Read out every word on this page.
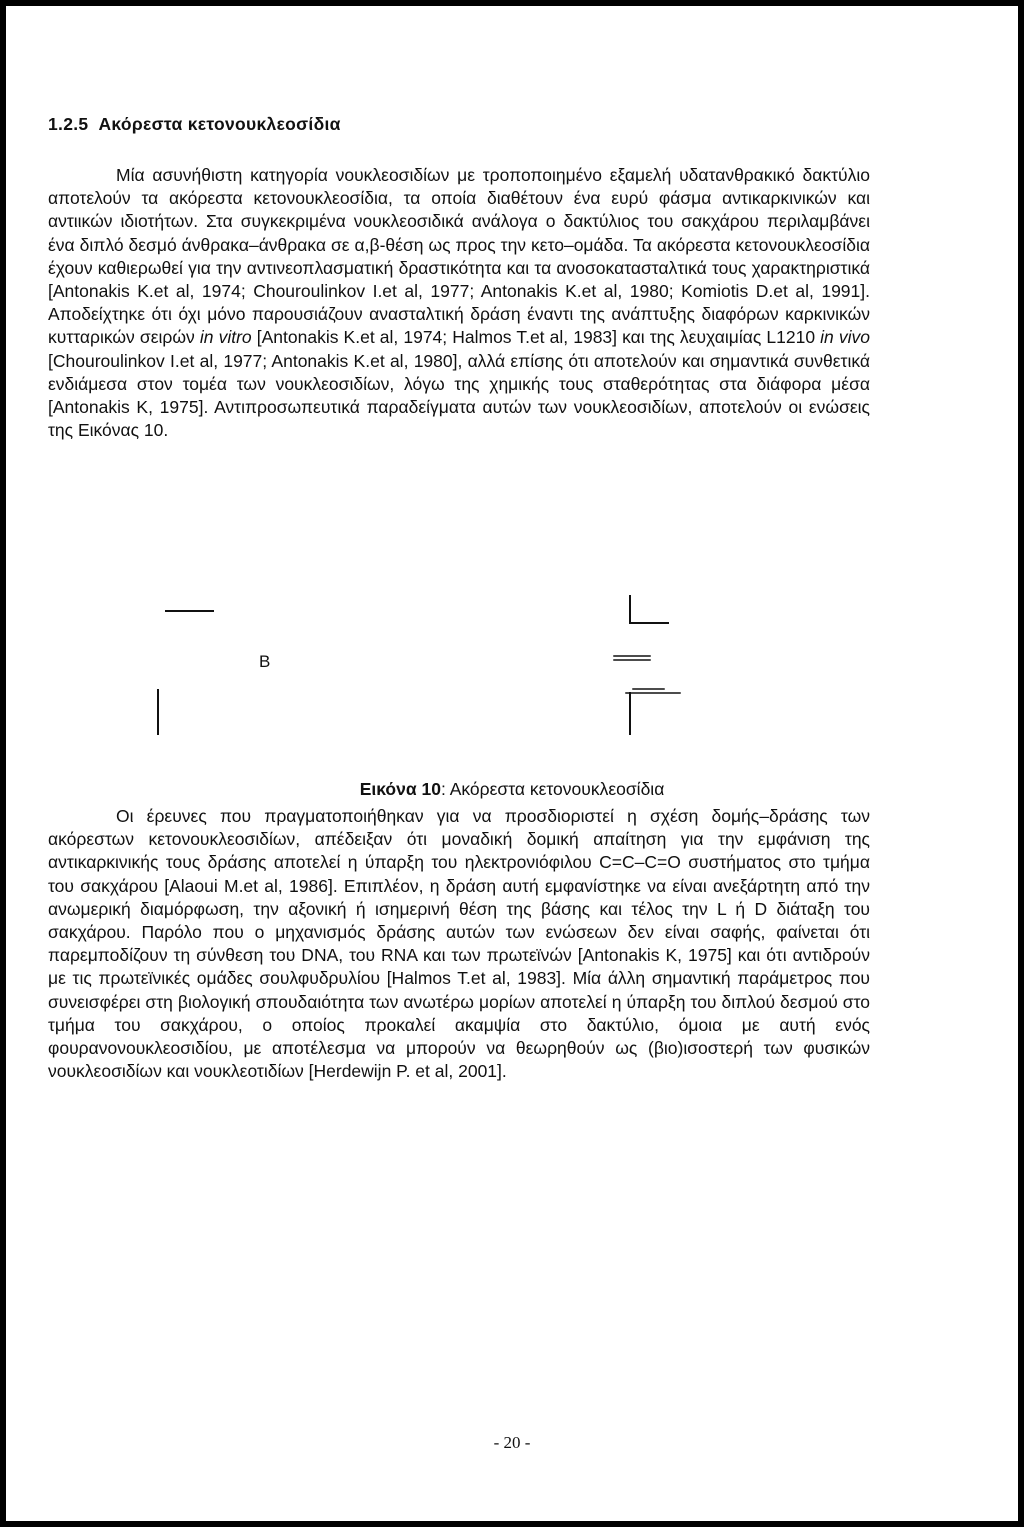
1.2.5 Ακόρεστα κετονουκλεοσίδια

Μία ασυνήθιστη κατηγορία νουκλεοσιδίων με τροποποιημένο εξαμελή υδατανθρακικό δακτύλιο αποτελούν τα ακόρεστα κετονουκλεοσίδια, τα οποία διαθέτουν ένα ευρύ φάσμα αντικαρκινικών και αντιικών ιδιοτήτων. Στα συγκεκριμένα νουκλεοσιδικά ανάλογα ο δακτύλιος του σακχάρου περιλαμβάνει ένα διπλό δεσμό άνθρακα–άνθρακα σε α,β-θέση ως προς την κετο–ομάδα. Τα ακόρεστα κετονουκλεοσίδια έχουν καθιερωθεί για την αντινεοπλασματική δραστικότητα και τα ανοσοκατασταλτικά τους χαρακτηριστικά [Antonakis K.et al, 1974; Chouroulinkov I.et al, 1977; Antonakis K.et al, 1980; Komiotis D.et al, 1991]. Αποδείχτηκε ότι όχι μόνο παρουσιάζουν ανασταλτική δράση έναντι της ανάπτυξης διαφόρων καρκινικών κυτταρικών σειρών in vitro [Antonakis K.et al, 1974; Halmos T.et al, 1983] και της λευχαιμίας L1210 in vivo [Chouroulinkov I.et al, 1977; Antonakis K.et al, 1980], αλλά επίσης ότι αποτελούν και σημαντικά συνθετικά ενδιάμεσα στον τομέα των νουκλεοσιδίων, λόγω της χημικής τους σταθερότητας στα διάφορα μέσα [Antonakis K, 1975]. Αντιπροσωπευτικά παραδείγματα αυτών των νουκλεοσιδίων, αποτελούν οι ενώσεις της Εικόνας 10.

B
Εικόνα 10: Ακόρεστα κετονουκλεοσίδια

Οι έρευνες που πραγματοποιήθηκαν για να προσδιοριστεί η σχέση δομής–δράσης των ακόρεστων κετονουκλεοσιδίων, απέδειξαν ότι μοναδική δομική απαίτηση για την εμφάνιση της αντικαρκινικής τους δράσης αποτελεί η ύπαρξη του ηλεκτρονιόφιλου C=C–C=O συστήματος στο τμήμα του σακχάρου [Alaoui M.et al, 1986]. Επιπλέον, η δράση αυτή εμφανίστηκε να είναι ανεξάρτητη από την ανωμερική διαμόρφωση, την αξονική ή ισημερινή θέση της βάσης και τέλος την L ή D διάταξη του σακχάρου. Παρόλο που ο μηχανισμός δράσης αυτών των ενώσεων δεν είναι σαφής, φαίνεται ότι παρεμποδίζουν τη σύνθεση του DNA, του RNA και των πρωτεϊνών [Antonakis K, 1975] και ότι αντιδρούν με τις πρωτεϊνικές ομάδες σουλφυδρυλίου [Halmos T.et al, 1983]. Μία άλλη σημαντική παράμετρος που συνεισφέρει στη βιολογική σπουδαιότητα των ανωτέρω μορίων αποτελεί η ύπαρξη του διπλού δεσμού στο τμήμα του σακχάρου, ο οποίος προκαλεί ακαμψία στο δακτύλιο, όμοια με αυτή ενός φουρανονουκλεοσιδίου, με αποτέλεσμα να μπορούν να θεωρηθούν ως (βιο)ισοστερή των φυσικών νουκλεοσιδίων και νουκλεοτιδίων [Herdewijn P. et al, 2001].

- 20 -
